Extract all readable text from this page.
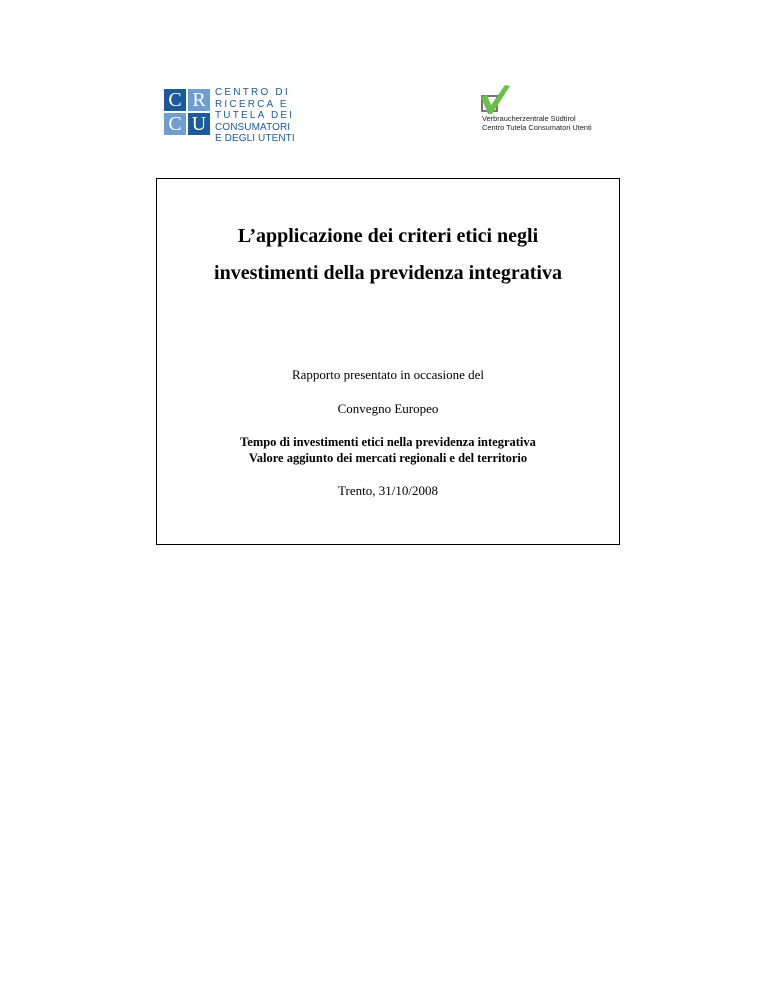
C R
C U
CENTRO DI
RICERCA E
TUTELA DEI
CONSUMATORI
E DEGLI UTENTI
Verbraucherzentrale Südtirol
Centro Tutela Consumatori Utenti
L’applicazione dei criteri etici negli
investimenti della previdenza integrativa
Rapporto presentato in occasione del
Convegno Europeo
Tempo di investimenti etici nella previdenza integrativa
Valore aggiunto dei mercati regionali e del territorio
Trento, 31/10/2008
